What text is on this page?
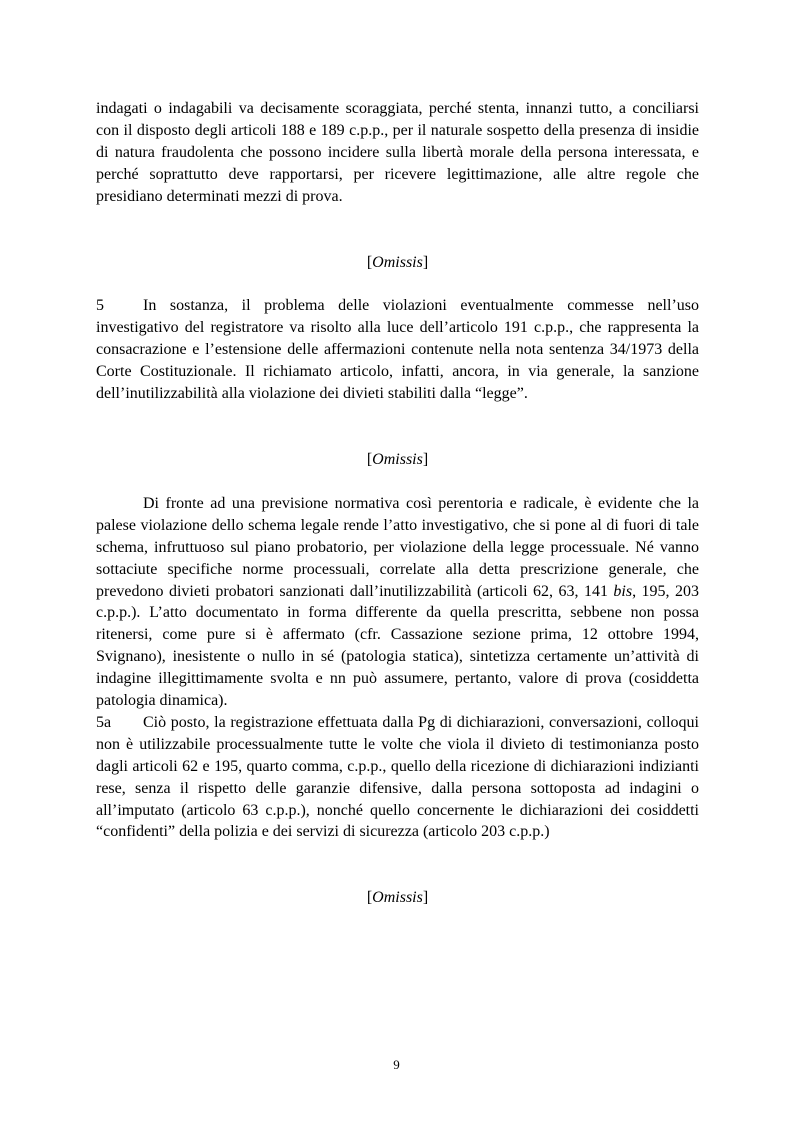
indagati o indagabili va decisamente scoraggiata, perché stenta, innanzi tutto, a conciliarsi con il disposto degli articoli 188 e 189 c.p.p., per il naturale sospetto della presenza di insidie di natura fraudolenta che possono incidere sulla libertà morale della persona interessata, e perché soprattutto deve rapportarsi, per ricevere legittimazione, alle altre regole che presidiano determinati mezzi di prova.

[Omissis]

5 In sostanza, il problema delle violazioni eventualmente commesse nell’uso investigativo del registratore va risolto alla luce dell’articolo 191 c.p.p., che rappresenta la consacrazione e l’estensione delle affermazioni contenute nella nota sentenza 34/1973 della Corte Costituzionale. Il richiamato articolo, infatti, ancora, in via generale, la sanzione dell’inutilizzabilità alla violazione dei divieti stabiliti dalla “legge”.

[Omissis]

Di fronte ad una previsione normativa così perentoria e radicale, è evidente che la palese violazione dello schema legale rende l’atto investigativo, che si pone al di fuori di tale schema, infruttuoso sul piano probatorio, per violazione della legge processuale. Né vanno sottaciute specifiche norme processuali, correlate alla detta prescrizione generale, che prevedono divieti probatori sanzionati dall’inutilizzabilità (articoli 62, 63, 141 bis, 195, 203 c.p.p.). L’atto documentato in forma differente da quella prescritta, sebbene non possa ritenersi, come pure si è affermato (cfr. Cassazione sezione prima, 12 ottobre 1994, Svignano), inesistente o nullo in sé (patologia statica), sintetizza certamente un’attività di indagine illegittimamente svolta e nn può assumere, pertanto, valore di prova (cosiddetta patologia dinamica).

5a Ciò posto, la registrazione effettuata dalla Pg di dichiarazioni, conversazioni, colloqui non è utilizzabile processualmente tutte le volte che viola il divieto di testimonianza posto dagli articoli 62 e 195, quarto comma, c.p.p., quello della ricezione di dichiarazioni indizianti rese, senza il rispetto delle garanzie difensive, dalla persona sottoposta ad indagini o all’imputato (articolo 63 c.p.p.), nonché quello concernente le dichiarazioni dei cosiddetti “confidenti” della polizia e dei servizi di sicurezza (articolo 203 c.p.p.)

[Omissis]

9
